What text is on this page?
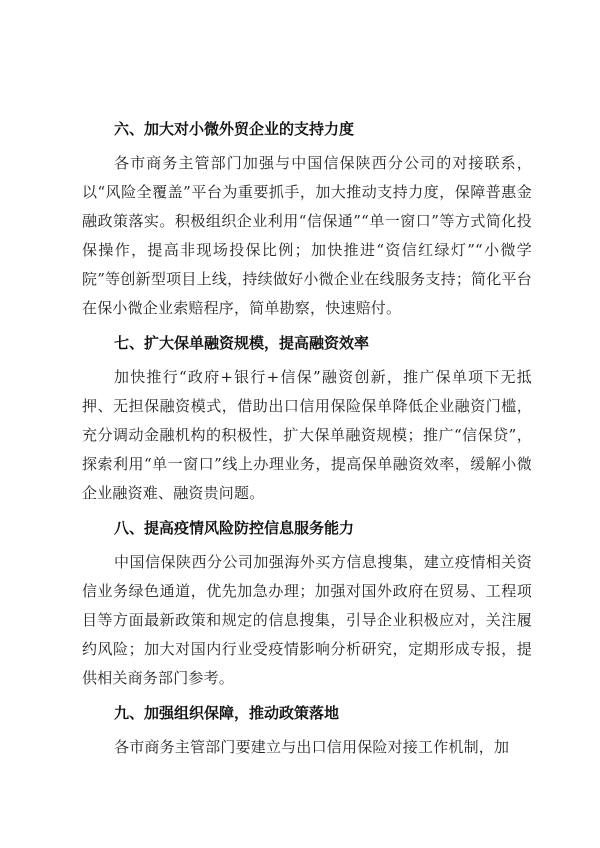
六、加大对小微外贸企业的支持力度

各市商务主管部门加强与中国信保陕西分公司的对接联系，以“风险全覆盖”平台为重要抓手，加大推动支持力度，保障普惠金融政策落实。积极组织企业利用“信保通”“单一窗口”等方式简化投保操作，提高非现场投保比例；加快推进“资信红绿灯”“小微学院”等创新型项目上线，持续做好小微企业在线服务支持；简化平台在保小微企业索赔程序，简单勘察，快速赔付。

七、扩大保单融资规模，提高融资效率

加快推行“政府+银行+信保”融资创新，推广保单项下无抵押、无担保融资模式，借助出口信用保险保单降低企业融资门槛，充分调动金融机构的积极性，扩大保单融资规模；推广“信保贷”，探索利用“单一窗口”线上办理业务，提高保单融资效率，缓解小微企业融资难、融资贵问题。

八、提高疫情风险防控信息服务能力

中国信保陕西分公司加强海外买方信息搜集，建立疫情相关资信业务绿色通道，优先加急办理；加强对国外政府在贸易、工程项目等方面最新政策和规定的信息搜集，引导企业积极应对，关注履约风险；加大对国内行业受疫情影响分析研究，定期形成专报，提供相关商务部门参考。

九、加强组织保障，推动政策落地

各市商务主管部门要建立与出口信用保险对接工作机制，加
